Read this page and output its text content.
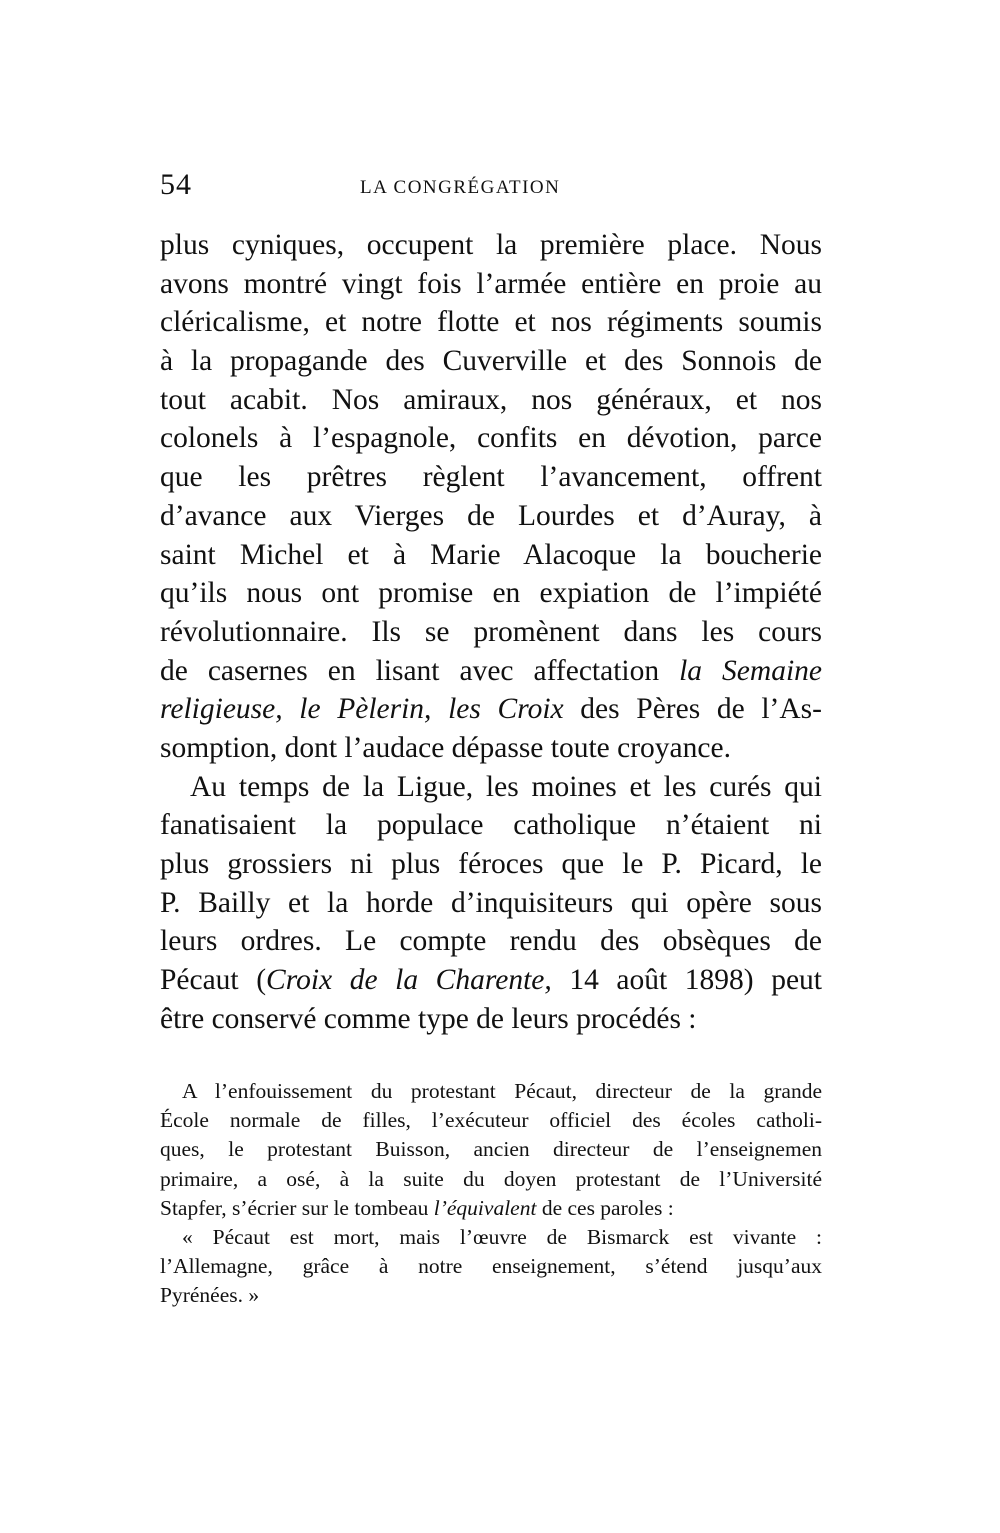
54	LA CONGRÉGATION
plus cyniques, occupent la première place. Nous
avons montré vingt fois l’armée entière en proie au
cléricalisme, et notre flotte et nos régiments soumis
à la propagande des Cuverville et des Sonnois de
tout acabit. Nos amiraux, nos généraux, et nos
colonels à l’espagnole, confits en dévotion, parce
que les prêtres règlent l’avancement, offrent
d’avance aux Vierges de Lourdes et d’Auray, à
saint Michel et à Marie Alacoque la boucherie
qu’ils nous ont promise en expiation de l’impiété
révolutionnaire. Ils se promènent dans les cours
de casernes en lisant avec affectation la Semaine
religieuse, le Pèlerin, les Croix des Pères de l’As-
somption, dont l’audace dépasse toute croyance.
Au temps de la Ligue, les moines et les curés qui
fanatisaient la populace catholique n’étaient ni
plus grossiers ni plus féroces que le P. Picard, le
P. Bailly et la horde d’inquisiteurs qui opère sous
leurs ordres. Le compte rendu des obsèques de
Pécaut (Croix de la Charente, 14 août 1898) peut
être conservé comme type de leurs procédés :
A l’enfouissement du protestant Pécaut, directeur de la grande
École normale de filles, l’exécuteur officiel des écoles catholi-
ques, le protestant Buisson, ancien directeur de l’enseignemen
primaire, a osé, à la suite du doyen protestant de l’Université
Stapfer, s’écrier sur le tombeau l’équivalent de ces paroles :
« Pécaut est mort, mais l’œuvre de Bismarck est vivante :
l’Allemagne, grâce à notre enseignement, s’étend jusqu’aux
Pyrénées. »
